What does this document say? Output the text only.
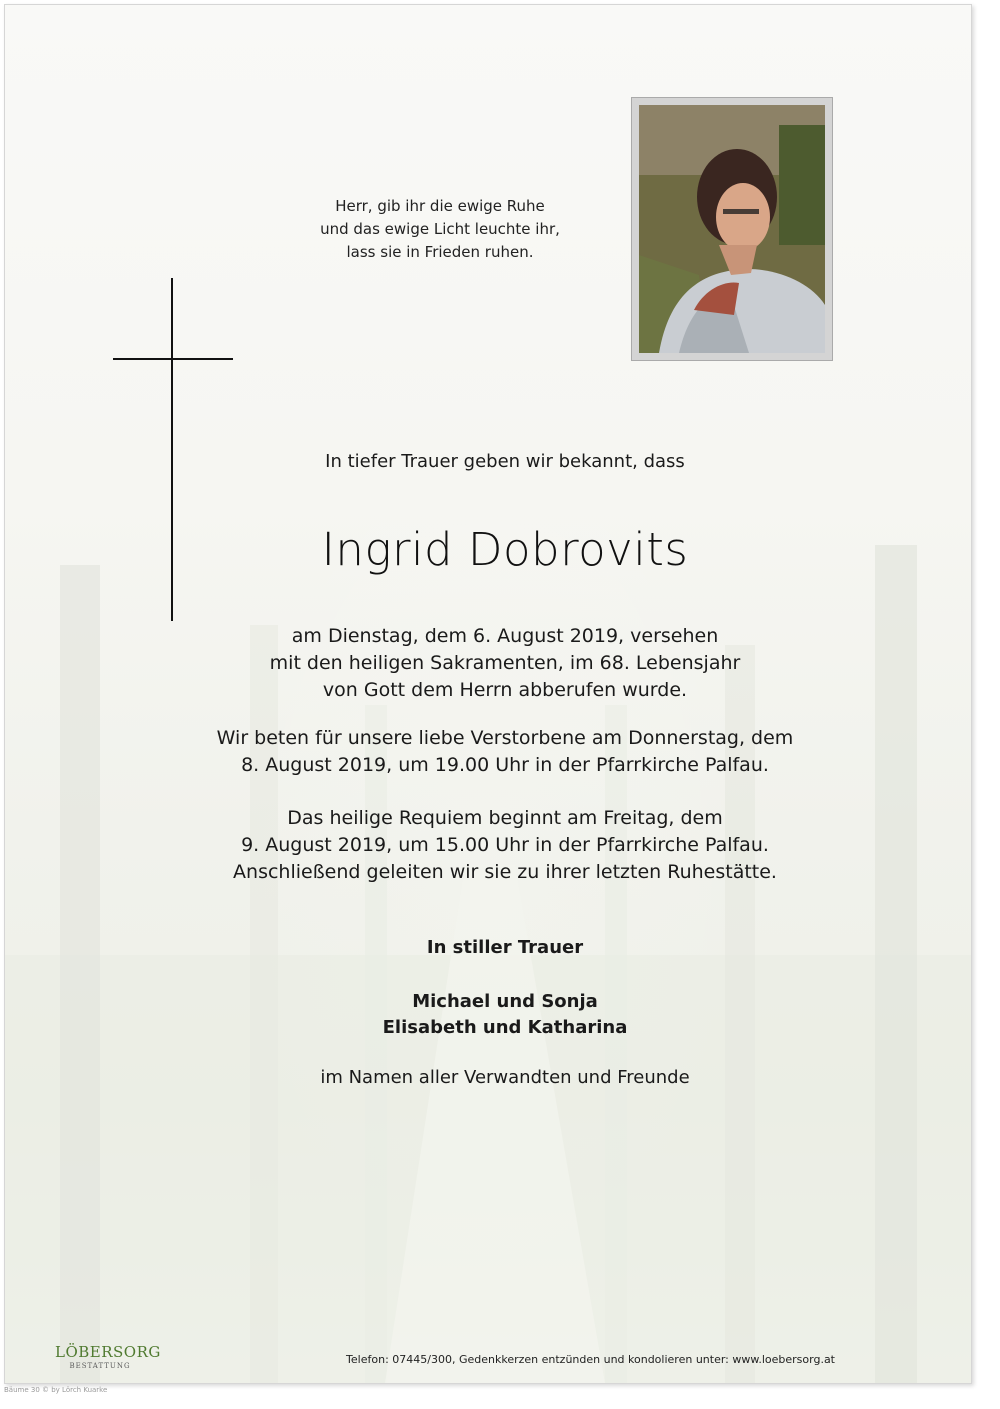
Herr, gib ihr die ewige Ruhe
und das ewige Licht leuchte ihr,
lass sie in Frieden ruhen.
In tiefer Trauer geben wir bekannt, dass
Ingrid Dobrovits
am Dienstag, dem 6. August 2019, versehen
mit den heiligen Sakramenten, im 68. Lebensjahr
von Gott dem Herrn abberufen wurde.
Wir beten für unsere liebe Verstorbene am Donnerstag, dem
8. August 2019, um 19.00 Uhr in der Pfarrkirche Palfau.
Das heilige Requiem beginnt am Freitag, dem
9. August 2019, um 15.00 Uhr in der Pfarrkirche Palfau.
Anschließend geleiten wir sie zu ihrer letzten Ruhestätte.
In stiller Trauer
Michael und Sonja
Elisabeth und Katharina
im Namen aller Verwandten und Freunde
LÖBERSORG
BESTATTUNG	Telefon: 07445/300, Gedenkkerzen entzünden und kondolieren unter: www.loebersorg.at
Bäume 30 © by Lörch Kuarke
